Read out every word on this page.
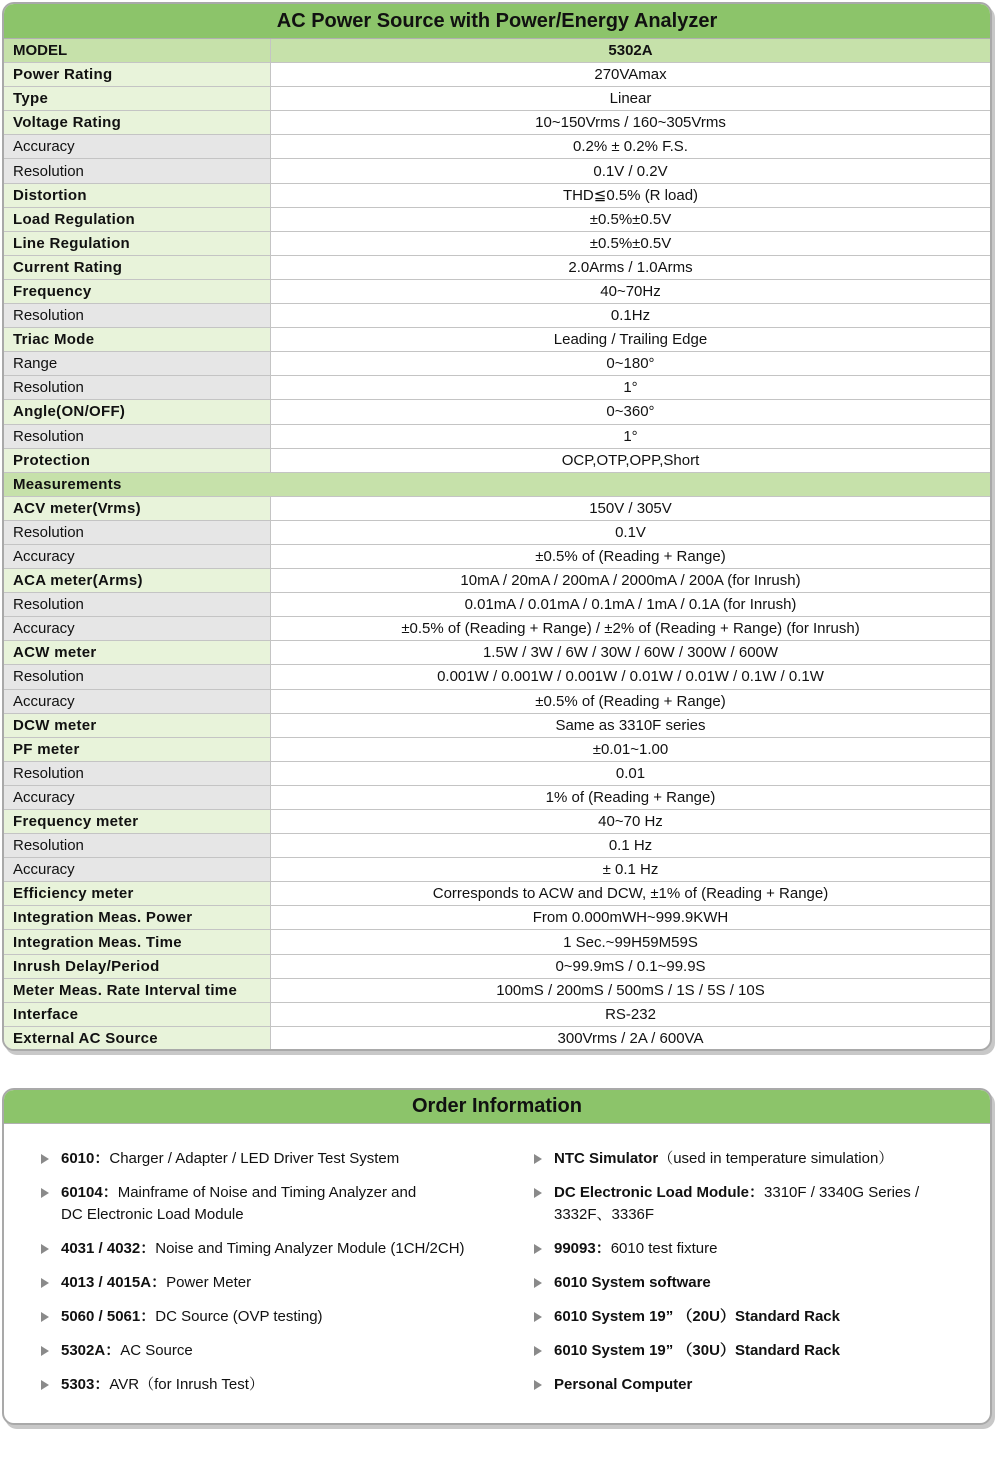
AC Power Source with Power/Energy Analyzer
MODEL	5302A
Power Rating	270VAmax
Type	Linear
Voltage Rating	10~150Vrms / 160~305Vrms
Accuracy	0.2% ± 0.2% F.S.
Resolution	0.1V / 0.2V
Distortion	THD≦0.5% (R load)
Load Regulation	±0.5%±0.5V
Line Regulation	±0.5%±0.5V
Current Rating	2.0Arms / 1.0Arms
Frequency	40~70Hz
Resolution	0.1Hz
Triac Mode	Leading / Trailing Edge
Range	0~180°
Resolution	1°
Angle(ON/OFF)	0~360°
Resolution	1°
Protection	OCP,OTP,OPP,Short
Measurements	
ACV meter(Vrms)	150V / 305V
Resolution	0.1V
Accuracy	±0.5% of (Reading + Range)
ACA meter(Arms)	10mA / 20mA / 200mA / 2000mA / 200A (for Inrush)
Resolution	0.01mA / 0.01mA / 0.1mA / 1mA / 0.1A (for Inrush)
Accuracy	±0.5% of (Reading + Range) / ±2% of (Reading + Range) (for Inrush)
ACW meter	1.5W / 3W / 6W / 30W / 60W / 300W / 600W
Resolution	0.001W / 0.001W / 0.001W / 0.01W / 0.01W / 0.1W / 0.1W
Accuracy	±0.5% of (Reading + Range)
DCW meter	Same as 3310F series
PF meter	±0.01~1.00
Resolution	0.01
Accuracy	1% of (Reading + Range)
Frequency meter	40~70 Hz
Resolution	0.1 Hz
Accuracy	± 0.1 Hz
Efficiency meter	Corresponds to ACW and DCW, ±1% of (Reading + Range)
Integration Meas. Power	From 0.000mWH~999.9KWH
Integration Meas. Time	1 Sec.~99H59M59S
Inrush Delay/Period	0~99.9mS / 0.1~99.9S
Meter Meas. Rate Interval time	100mS / 200mS / 500mS / 1S / 5S / 10S
Interface	RS-232
External AC Source	300Vrms / 2A / 600VA
Order Information
6010：Charger / Adapter / LED Driver Test System
60104：Mainframe of Noise and Timing Analyzer and
DC Electronic Load Module
4031 / 4032：Noise and Timing Analyzer Module (1CH/2CH)
4013 / 4015A：Power Meter
5060 / 5061：DC Source (OVP testing)
5302A：AC Source
5303：AVR（for Inrush Test）
NTC Simulator（used in temperature simulation）
DC Electronic Load Module：3310F / 3340G Series /
3332F、3336F
99093：6010 test fixture
6010 System software
6010 System 19” （20U）Standard Rack
6010 System 19” （30U）Standard Rack
Personal Computer
